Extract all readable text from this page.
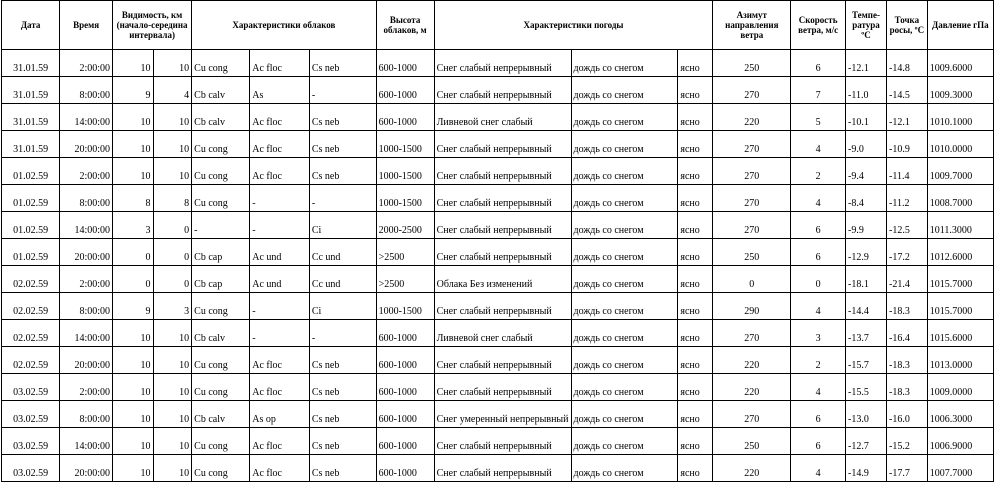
Дата	Время	Видимость, км (начало-середина интервала)		Характеристики облаков			Высота облаков, м	Характеристики погоды			Азимут направления ветра	Скорость ветра, м/с	Темпе-ратура ºС	Точка росы, ºС	Давление гПа
31.01.59	2:00:00	10	10	Cu cong	Ac floc	Cs neb	600-1000	Снег слабый непрерывный	дождь со снегом	ясно	250	6	-12.1	-14.8	1009.6000
31.01.59	8:00:00	9	4	Cb calv	As	-	600-1000	Снег слабый непрерывный	дождь со снегом	ясно	270	7	-11.0	-14.5	1009.3000
31.01.59	14:00:00	10	10	Cb calv	Ac floc	Cs neb	600-1000	Ливневой снег слабый	дождь со снегом	ясно	220	5	-10.1	-12.1	1010.1000
31.01.59	20:00:00	10	10	Cu cong	Ac floc	Cs neb	1000-1500	Снег слабый непрерывный	дождь со снегом	ясно	270	4	-9.0	-10.9	1010.0000
01.02.59	2:00:00	10	10	Cu cong	Ac floc	Cs neb	1000-1500	Снег слабый непрерывный	дождь со снегом	ясно	270	2	-9.4	-11.4	1009.7000
01.02.59	8:00:00	8	8	Cu cong	-	-	1000-1500	Снег слабый непрерывный	дождь со снегом	ясно	270	4	-8.4	-11.2	1008.7000
01.02.59	14:00:00	3	0	-	-	Ci	2000-2500	Снег слабый непрерывный	дождь со снегом	ясно	270	6	-9.9	-12.5	1011.3000
01.02.59	20:00:00	0	0	Cb cap	Ac und	Cc und	>2500	Снег слабый непрерывный	дождь со снегом	ясно	250	6	-12.9	-17.2	1012.6000
02.02.59	2:00:00	0	0	Cb cap	Ac und	Cc und	>2500	Облака Без изменений	дождь со снегом	ясно	0	0	-18.1	-21.4	1015.7000
02.02.59	8:00:00	9	3	Cu cong	-	Ci	1000-1500	Снег слабый непрерывный	дождь со снегом	ясно	290	4	-14.4	-18.3	1015.7000
02.02.59	14:00:00	10	10	Cb calv	-	-	600-1000	Ливневой снег слабый	дождь со снегом	ясно	270	3	-13.7	-16.4	1015.6000
02.02.59	20:00:00	10	10	Cu cong	Ac floc	Cs neb	600-1000	Снег слабый непрерывный	дождь со снегом	ясно	220	2	-15.7	-18.3	1013.0000
03.02.59	2:00:00	10	10	Cu cong	Ac floc	Cs neb	600-1000	Снег слабый непрерывный	дождь со снегом	ясно	220	4	-15.5	-18.3	1009.0000
03.02.59	8:00:00	10	10	Cb calv	As op	Cs neb	600-1000	Снег умеренный непрерывный	дождь со снегом	ясно	270	6	-13.0	-16.0	1006.3000
03.02.59	14:00:00	10	10	Cu cong	Ac floc	Cs neb	600-1000	Снег слабый непрерывный	дождь со снегом	ясно	250	6	-12.7	-15.2	1006.9000
03.02.59	20:00:00	10	10	Cu cong	Ac floc	Cs neb	600-1000	Снег слабый непрерывный	дождь со снегом	ясно	220	4	-14.9	-17.7	1007.7000
